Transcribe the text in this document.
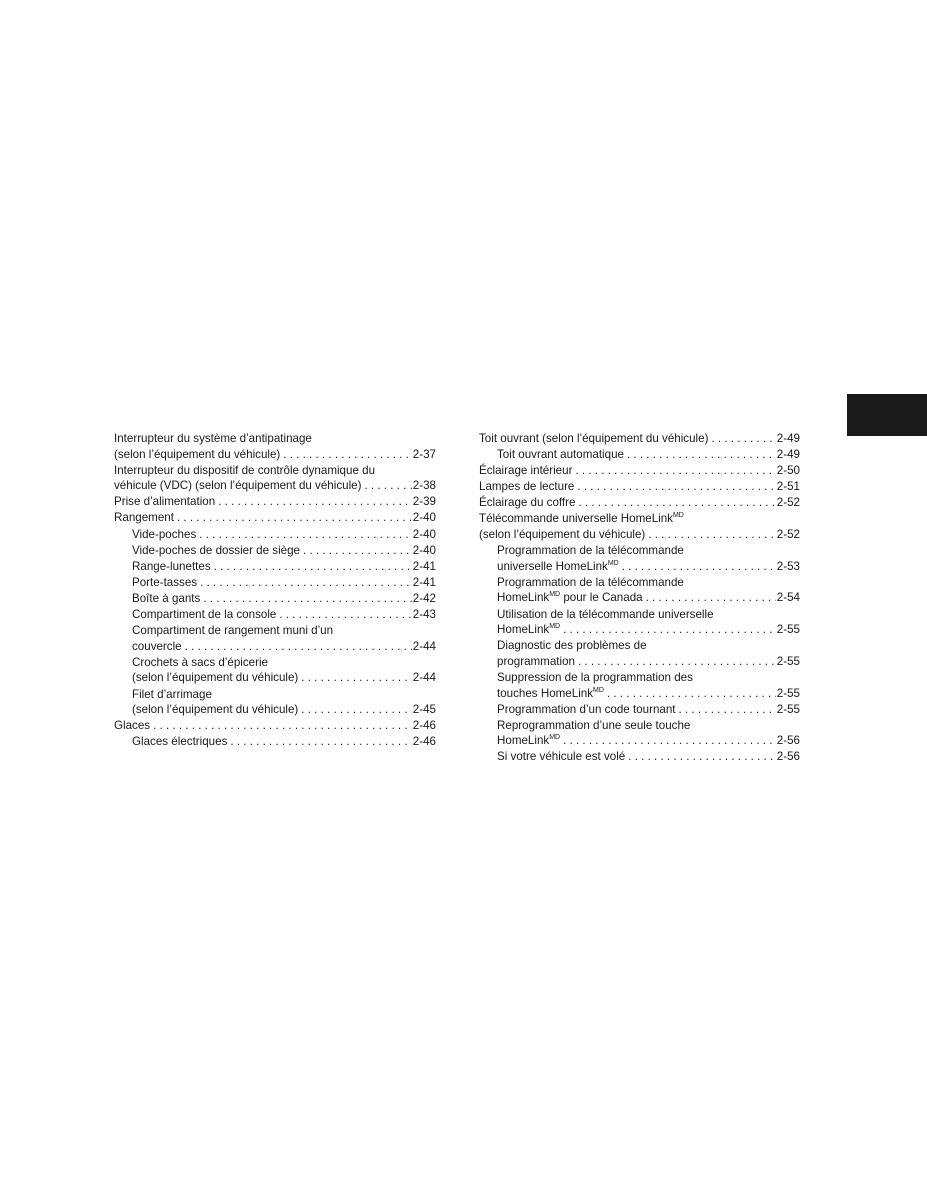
Interrupteur du système d’antipatinage
(selon l’équipement du véhicule) . . .	2-37
Interrupteur du dispositif de contrôle dynamique du
véhicule (VDC) (selon l’équipement du véhicule) . . .	2-38
Prise d’alimentation . . .	2-39
Rangement . . .	2-40
Vide-poches . . .	2-40
Vide-poches de dossier de siège . . .	2-40
Range-lunettes . . .	2-41
Porte-tasses . . .	2-41
Boîte à gants . . .	2-42
Compartiment de la console . . .	2-43
Compartiment de rangement muni d’un
couvercle . . .	2-44
Crochets à sacs d’épicerie
(selon l’équipement du véhicule) . . .	2-44
Filet d’arrimage
(selon l’équipement du véhicule) . . .	2-45
Glaces . . .	2-46
Glaces électriques . . .	2-46
Toit ouvrant (selon l’équipement du véhicule) . . .	2-49
Toit ouvrant automatique . . .	2-49
Éclairage intérieur . . .	2-50
Lampes de lecture . . .	2-51
Éclairage du coffre . . .	2-52
Télécommande universelle HomeLink$^{MD}$
(selon l’équipement du véhicule) . . .	2-52
Programmation de la télécommande
universelle HomeLink$^{MD}$ . . .	2-53
Programmation de la télécommande
HomeLink$^{MD}$ pour le Canada . . .	2-54
Utilisation de la télécommande universelle
HomeLink$^{MD}$ . . .	2-55
Diagnostic des problèmes de
programmation . . .	2-55
Suppression de la programmation des
touches HomeLink$^{MD}$ . . .	2-55
Programmation d’un code tournant . . .	2-55
Reprogrammation d’une seule touche
HomeLink$^{MD}$ . . .	2-56
Si votre véhicule est volé . . .	2-56
